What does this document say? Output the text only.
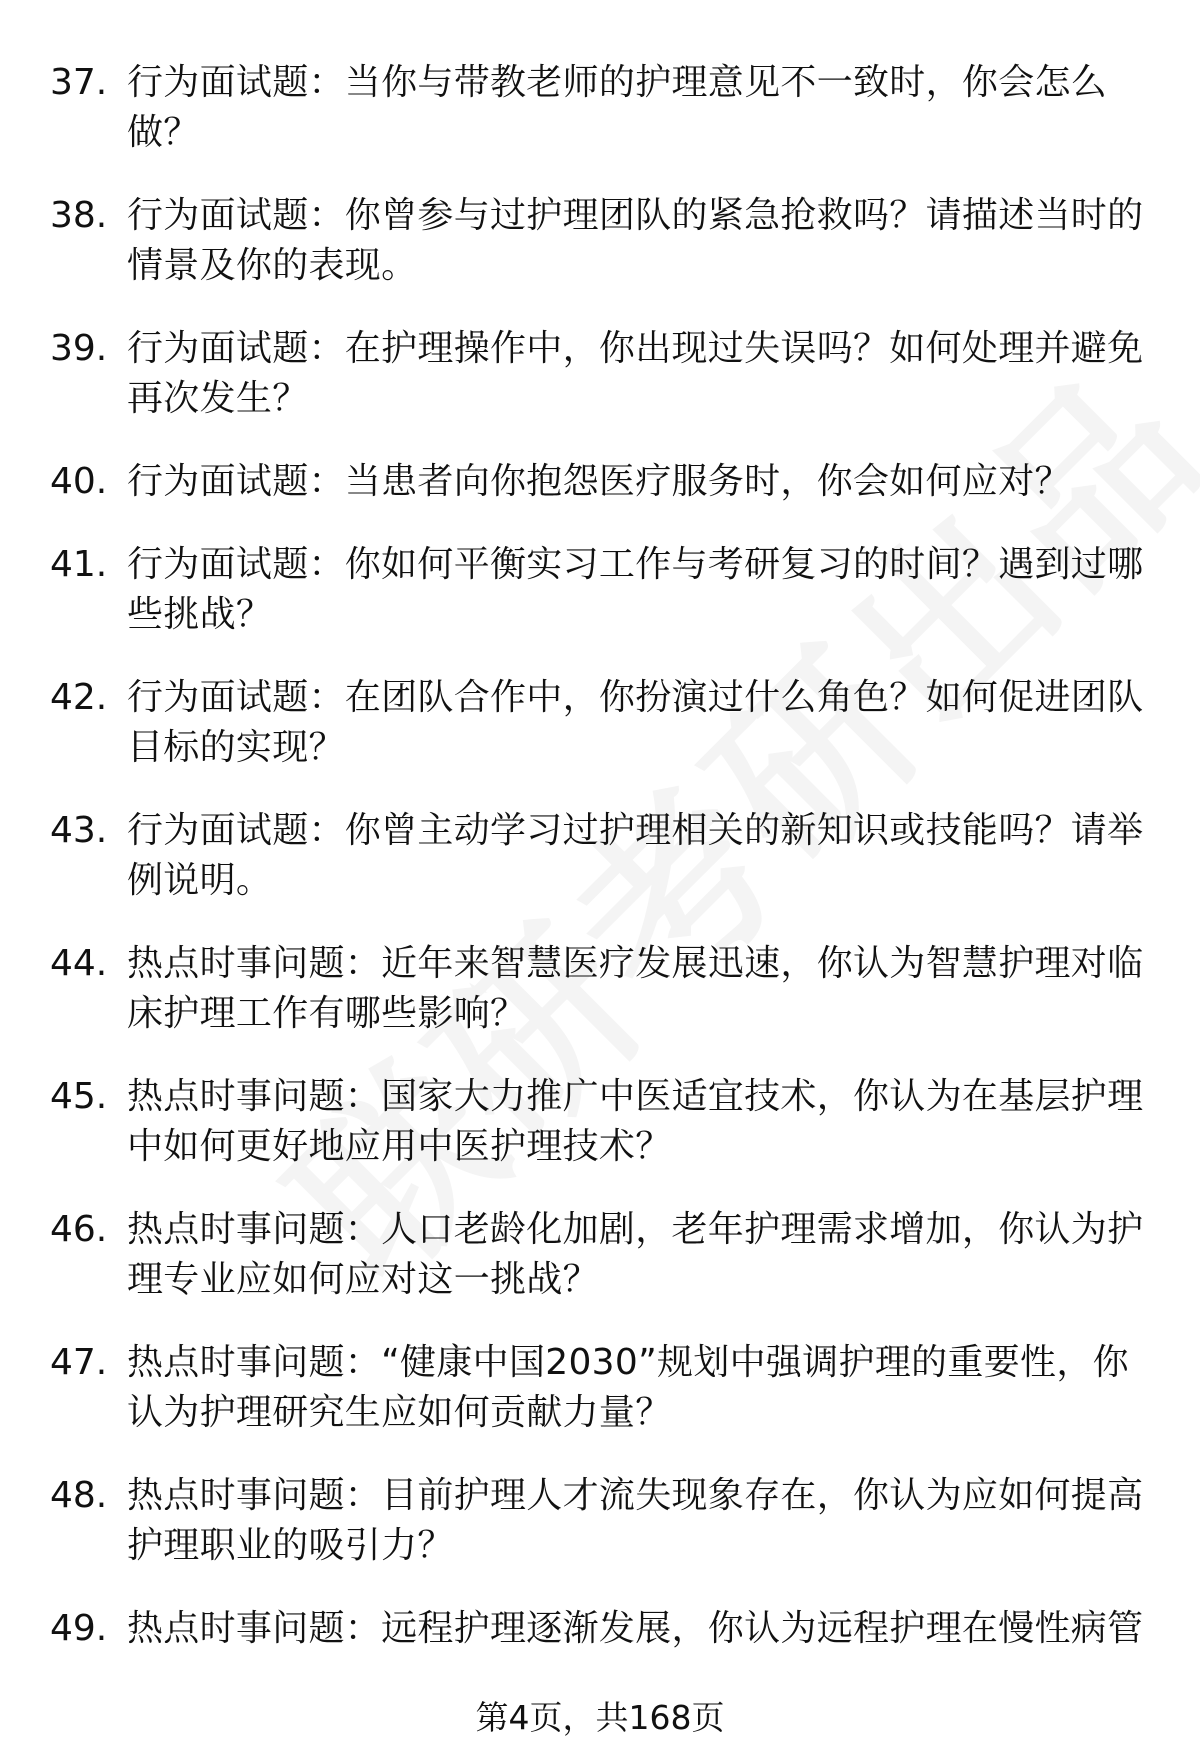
37. 行为面试题：当你与带教老师的护理意见不一致时，你会怎么
做？
38. 行为面试题：你曾参与过护理团队的紧急抢救吗？请描述当时的
情景及你的表现。
39. 行为面试题：在护理操作中，你出现过失误吗？如何处理并避免
再次发生？
40. 行为面试题：当患者向你抱怨医疗服务时，你会如何应对？
41. 行为面试题：你如何平衡实习工作与考研复习的时间？遇到过哪
些挑战？
42. 行为面试题：在团队合作中，你扮演过什么角色？如何促进团队
目标的实现？
43. 行为面试题：你曾主动学习过护理相关的新知识或技能吗？请举
例说明。
44. 热点时事问题：近年来智慧医疗发展迅速，你认为智慧护理对临
床护理工作有哪些影响？
45. 热点时事问题：国家大力推广中医适宜技术，你认为在基层护理
中如何更好地应用中医护理技术？
46. 热点时事问题：人口老龄化加剧，老年护理需求增加，你认为护
理专业应如何应对这一挑战？
47. 热点时事问题：“健康中国2030”规划中强调护理的重要性，你
认为护理研究生应如何贡献力量？
48. 热点时事问题：目前护理人才流失现象存在，你认为应如何提高
护理职业的吸引力？
49. 热点时事问题：远程护理逐渐发展，你认为远程护理在慢性病管
第4页，共168页
